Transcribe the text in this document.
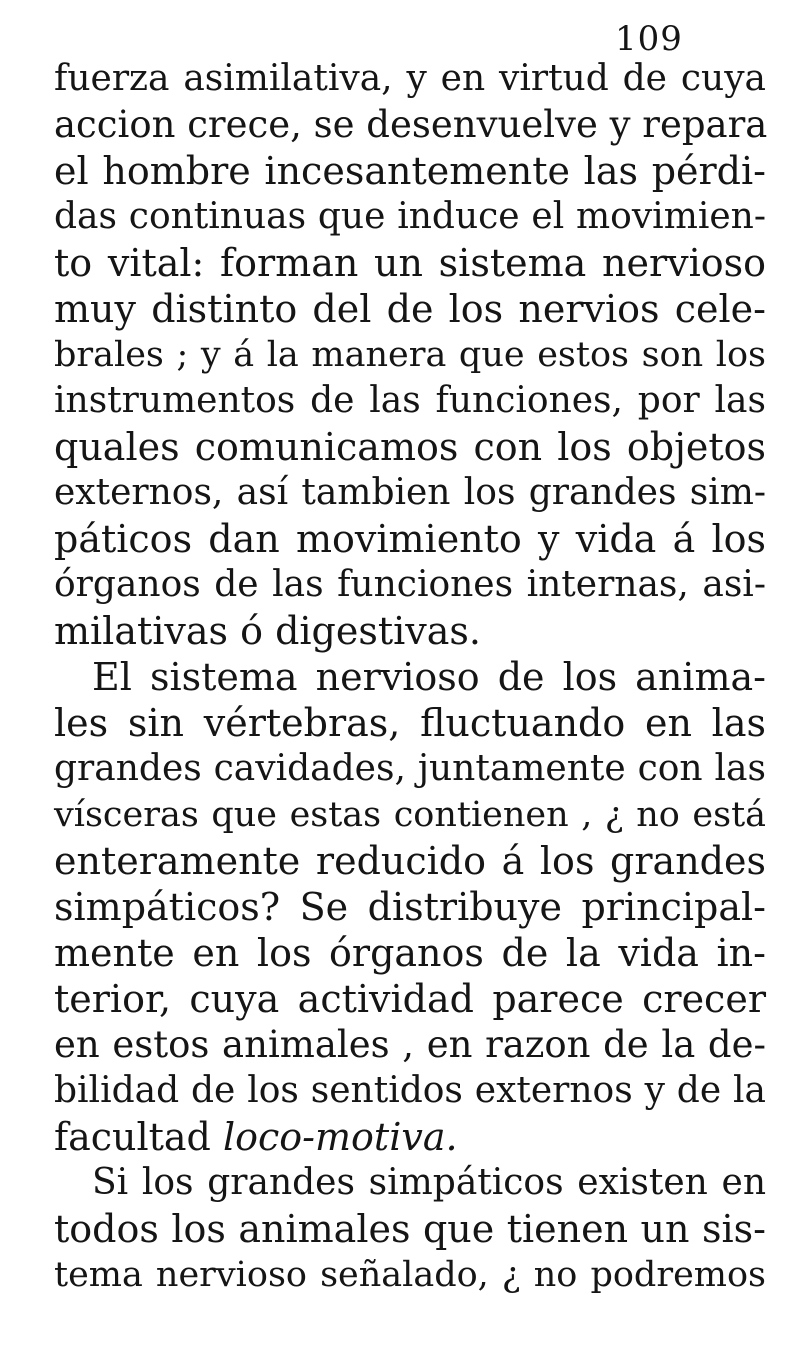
109
fuerza asimilativa, y en virtud de cuya
accion crece, se desenvuelve y repara
el hombre incesantemente las pérdi-
das continuas que induce el movimien-
to vital: forman un sistema nervioso
muy distinto del de los nervios cele-
brales ; y á la manera que estos son los
instrumentos de las funciones, por las
quales comunicamos con los objetos
externos, así tambien los grandes sim-
páticos dan movimiento y vida á los
órganos de las funciones internas, asi-
milativas ó digestivas.
El sistema nervioso de los anima-
les sin vértebras, fluctuando en las
grandes cavidades, juntamente con las
vísceras que estas contienen , ¿ no está
enteramente reducido á los grandes
simpáticos? Se distribuye principal-
mente en los órganos de la vida in-
terior, cuya actividad parece crecer
en estos animales , en razon de la de-
bilidad de los sentidos externos y de la
facultad loco-motiva.
Si los grandes simpáticos existen en
todos los animales que tienen un sis-
tema nervioso señalado, ¿ no podremos
